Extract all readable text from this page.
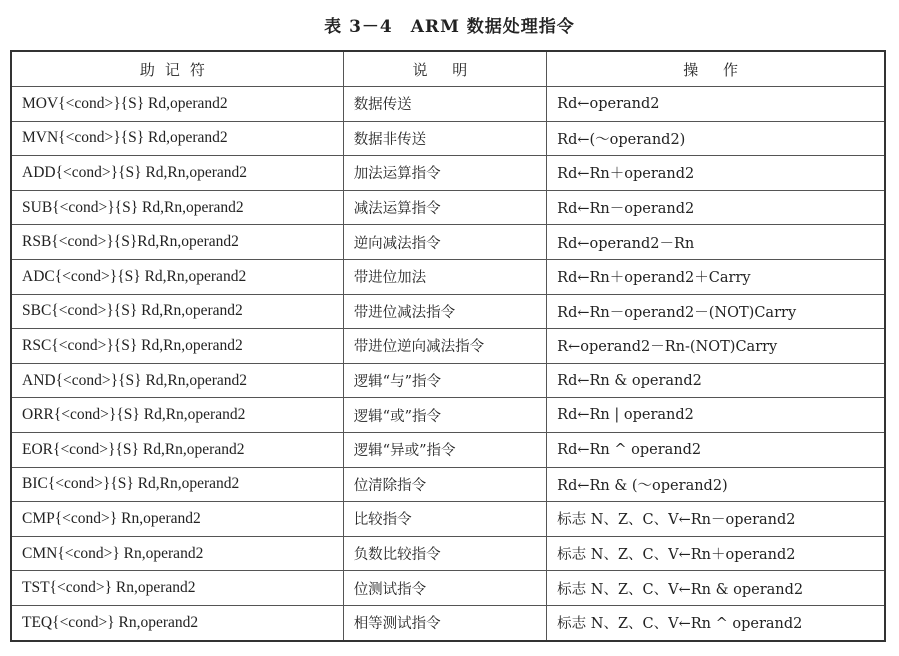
表 3－4　ARM 数据处理指令
助记符	说 明	操 作
MOV{<cond>}{S} Rd,operand2	数据传送	Rd←operand2
MVN{<cond>}{S} Rd,operand2	数据非传送	Rd←(～operand2)
ADD{<cond>}{S} Rd,Rn,operand2	加法运算指令	Rd←Rn＋operand2
SUB{<cond>}{S} Rd,Rn,operand2	减法运算指令	Rd←Rn－operand2
RSB{<cond>}{S}Rd,Rn,operand2	逆向减法指令	Rd←operand2－Rn
ADC{<cond>}{S} Rd,Rn,operand2	带进位加法	Rd←Rn＋operand2＋Carry
SBC{<cond>}{S} Rd,Rn,operand2	带进位减法指令	Rd←Rn－operand2－(NOT)Carry
RSC{<cond>}{S} Rd,Rn,operand2	带进位逆向减法指令	R←operand2－Rn-(NOT)Carry
AND{<cond>}{S} Rd,Rn,operand2	逻辑“与”指令	Rd←Rn & operand2
ORR{<cond>}{S} Rd,Rn,operand2	逻辑“或”指令	Rd←Rn | operand2
EOR{<cond>}{S} Rd,Rn,operand2	逻辑“异或”指令	Rd←Rn ^ operand2
BIC{<cond>}{S} Rd,Rn,operand2	位清除指令	Rd←Rn & (～operand2)
CMP{<cond>} Rn,operand2	比较指令	标志 N、Z、C、V←Rn－operand2
CMN{<cond>} Rn,operand2	负数比较指令	标志 N、Z、C、V←Rn＋operand2
TST{<cond>} Rn,operand2	位测试指令	标志 N、Z、C、V←Rn & operand2
TEQ{<cond>} Rn,operand2	相等测试指令	标志 N、Z、C、V←Rn ^ operand2
